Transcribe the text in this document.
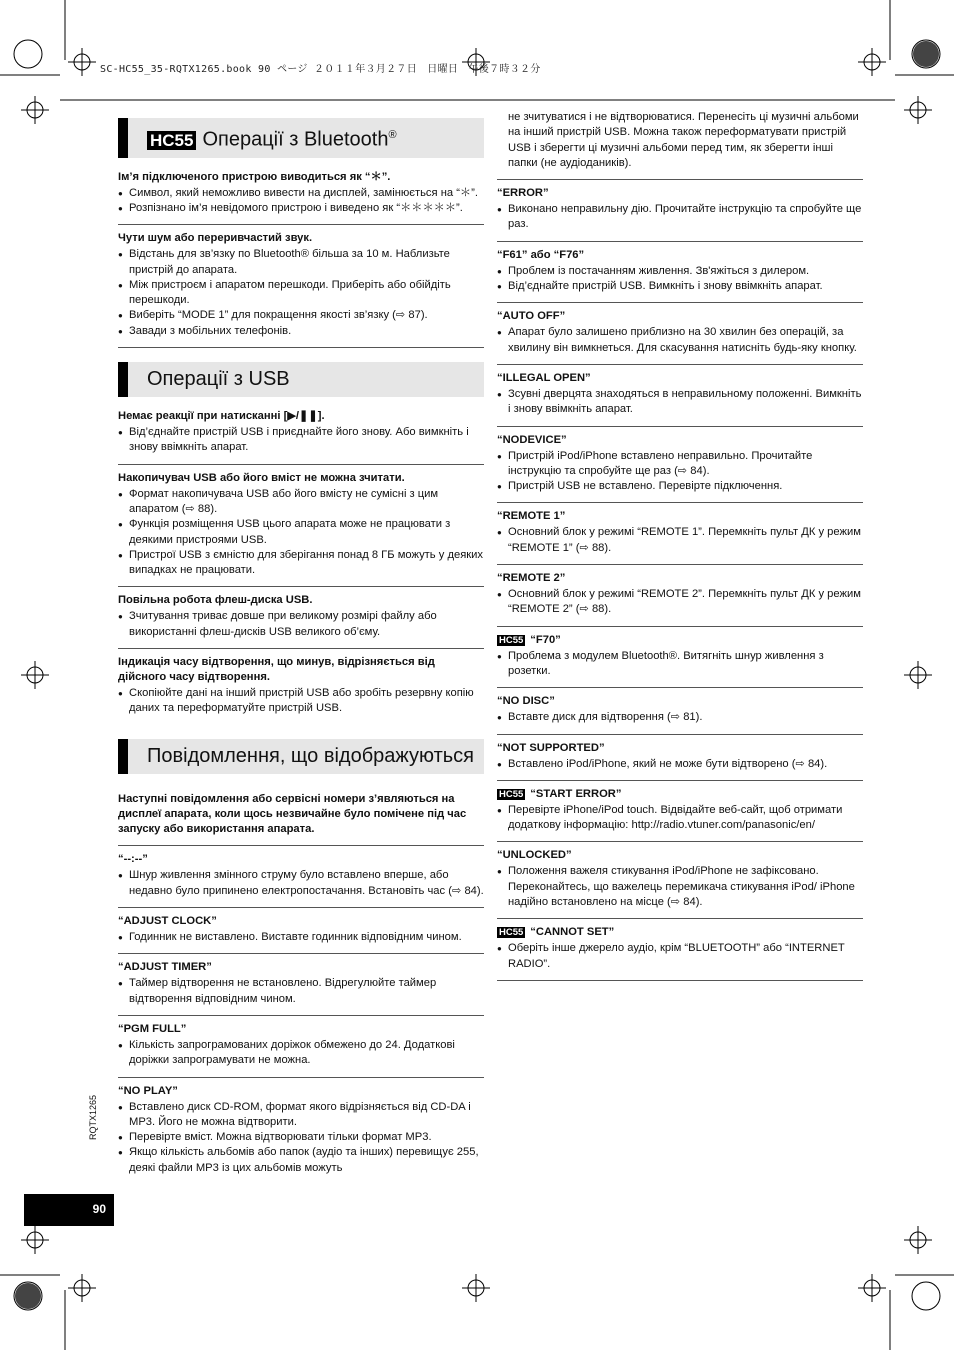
SC-HC55_35-RQTX1265.book 90 ページ ２０１１年３月２７日　日曜日　午後７時３２分
RQTX1265
90
HC55 Операції з Bluetooth®
Ім’я підключеного пристрою виводиться як “＊”.
● Символ, який неможливо вивести на дисплей, замінюється на “＊”.
● Розпізнано ім’я невідомого пристрою і виведено як “＊＊＊＊＊”.
Чути шум або переривчастий звук.
● Відстань для зв’язку по Bluetooth® більша за 10 м. Наблизьте пристрій до апарата.
● Між пристроєм і апаратом перешкоди. Приберіть або обійдіть перешкоди.
● Виберіть “MODE 1” для покращення якості зв’язку (⇨ 87).
● Завади з мобільних телефонів.
Операції з USB
Немає реакції при натисканні [▶/❚❚].
● Від’єднайте пристрій USB і приєднайте його знову. Або вимкніть і знову ввімкніть апарат.
Накопичувач USB або його вміст не можна зчитати.
● Формат накопичувача USB або його вмісту не сумісні з цим апаратом (⇨ 88).
● Функція розміщення USB цього апарата може не працювати з деякими пристроями USB.
● Пристрої USB з ємністю для зберігання понад 8 ГБ можуть у деяких випадках не працювати.
Повільна робота флеш-диска USB.
● Зчитування триває довше при великому розмірі файлу або використанні флеш-дисків USB великого об’єму.
Індикація часу відтворення, що минув, відрізняється від дійсного часу відтворення.
● Скопіюйте дані на інший пристрій USB або зробіть резервну копію даних та переформатуйте пристрій USB.
Повідомлення, що відображуються

Наступні повідомлення або сервісні номери з’являються на дисплеї апарата, коли щось незвичайне було помічене під час запуску або використання апарата.

“--:--”
● Шнур живлення змінного струму було вставлено вперше, або недавно було припинено електропостачання. Встановіть час (⇨ 84).
“ADJUST CLOCK”
● Годинник не виставлено. Виставте годинник відповідним чином.
“ADJUST TIMER”
● Таймер відтворення не встановлено. Відрегулюйте таймер відтворення відповідним чином.
“PGM FULL”
● Кількість запрограмованих доріжок обмежено до 24. Додаткові доріжки запрограмувати не можна.
“NO PLAY”
● Вставлено диск CD-ROM, формат якого відрізняється від CD-DA і MP3. Його не можна відтворити.
● Перевірте вміст. Можна відтворювати тільки формат MP3.
● Якщо кількість альбомів або папок (аудіо та інших) перевищує 255, деякі файли MP3 із цих альбомів можуть

не зчитуватися і не відтворюватися. Перенесіть ці музичні альбоми на інший пристрій USB. Можна також переформатувати пристрій USB і зберегти ці музичні альбоми перед тим, як зберегти інші папки (не аудіодаників).

“ERROR”
● Виконано неправильну дію. Прочитайте інструкцію та спробуйте ще раз.
“F61” або “F76”
● Проблем із постачанням живлення. Зв'яжіться з дилером.
● Від’єднайте пристрій USB. Вимкніть і знову ввімкніть апарат.
“AUTO OFF”
● Апарат було залишено приблизно на 30 хвилин без операцій, за хвилину він вимкнеться. Для скасування натисніть будь-яку кнопку.
“ILLEGAL OPEN”
● Зсувні дверцята знаходяться в неправильному положенні. Вимкніть і знову ввімкніть апарат.
“NODEVICE”
● Пристрій iPod/iPhone вставлено неправильно. Прочитайте інструкцію та спробуйте ще раз (⇨ 84).
● Пристрій USB не вставлено. Перевірте підключення.
“REMOTE 1”
● Основний блок у режимі “REMOTE 1”. Перемкніть пульт ДК у режим “REMOTE 1” (⇨ 88).
“REMOTE 2”
● Основний блок у режимі “REMOTE 2”. Перемкніть пульт ДК у режим “REMOTE 2” (⇨ 88).
HC55 “F70”
● Проблема з модулем Bluetooth®. Витягніть шнур живлення з розетки.
“NO DISC”
● Вставте диск для відтворення (⇨ 81).
“NOT SUPPORTED”
● Вставлено iPod/iPhone, який не може бути відтворено (⇨ 84).
HC55 “START ERROR”
● Перевірте iPhone/iPod touch. Відвідайте веб-сайт, щоб отримати додаткову інформацію: http://radio.vtuner.com/panasonic/en/
“UNLOCKED”
● Положення важеля стикування iPod/iPhone не зафіксовано. Переконайтесь, що важелець перемикача стикування iPod/ iPhone надійно встановлено на місце (⇨ 84).
HC55 “CANNOT SET”
● Оберіть інше джерело аудіо, крім “BLUETOOTH” або “INTERNET RADIO”.
